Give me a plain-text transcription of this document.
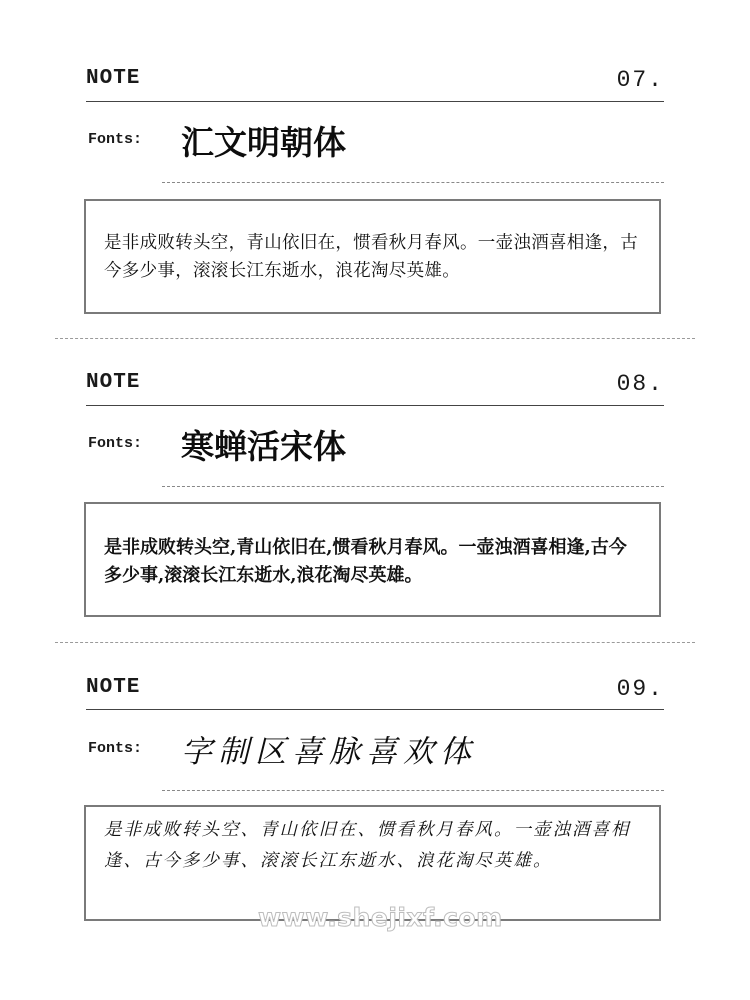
NOTE	07.
Fonts: 汇文明朝体
是非成败转头空，青山依旧在，惯看秋月春风。一壶浊酒喜相逢，古今多少事，滚滚长江东逝水，浪花淘尽英雄。
NOTE	08.
Fonts: 寒蝉活宋体
是非成败转头空,青山依旧在,惯看秋月春风。一壶浊酒喜相逢,古今多少事,滚滚长江东逝水,浪花淘尽英雄。
NOTE	09.
Fonts: 字制区喜脉喜欢体
是非成败转头空、青山依旧在、惯看秋月春风。一壶浊酒喜相逢、古今多少事、滚滚长江东逝水、浪花淘尽英雄。
www.shejixf.com
